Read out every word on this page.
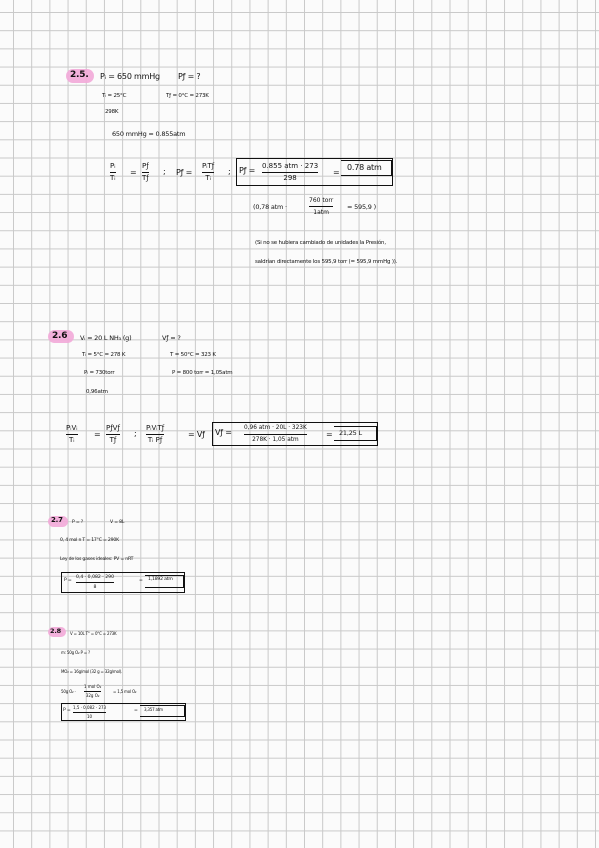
2.5. Pᵢ = 650 mmHg Pƒ = ?
Tᵢ = 25°C	Tƒ = 0°C = 273K
298K
650 mmHg = 0.855atm
Pᵢ
Tᵢ
=
Pƒ
Tƒ
; Pƒ =
PᵢTƒ
Tᵢ
; Pƒ = 0.855 atm · 273
298
=
0.78 atm
(0,78 atm ·
760 torr
1atm
= 595,9 )
(Si no se hubiera cambiado de unidades la Presión,
saldrían directamente los 595,9 torr (= 595,9 mmHg )).
2.6 Vᵢ = 20 L NH₃ (g)	Vƒ = ?
Tᵢ = 5°C = 278 K	T = 50°C = 323 K
Pᵢ = 730torr	P = 800 torr = 1,05atm
0,96atm
PᵢVᵢ
Tᵢ
=
PƒVƒ
Tƒ
;
PᵢVᵢTƒ
Tᵢ Pƒ
= Vƒ Vƒ = 0,96 atm · 20L · 323K
278K · 1,05 atm
= 21,25 L
2.7 P = ?	V = 8L
0, 4 mol n T = 17°C = 290K
Ley de los gases ideales: PV = nRT
P =
0,4 · 0,082 · 290
8
= 1,1892 atm
2.8 V = 10L T° = 0°C = 273K
m: 50g O₂ P = ?
MO₂ = 16g/mol (32 g = 32g/mol).
50g O₂ ·
1 mol O₂
32g O₂
= 1,5 mol O₂
P =
1,5 · 0,082 · 273
10
= 3,357 atm
